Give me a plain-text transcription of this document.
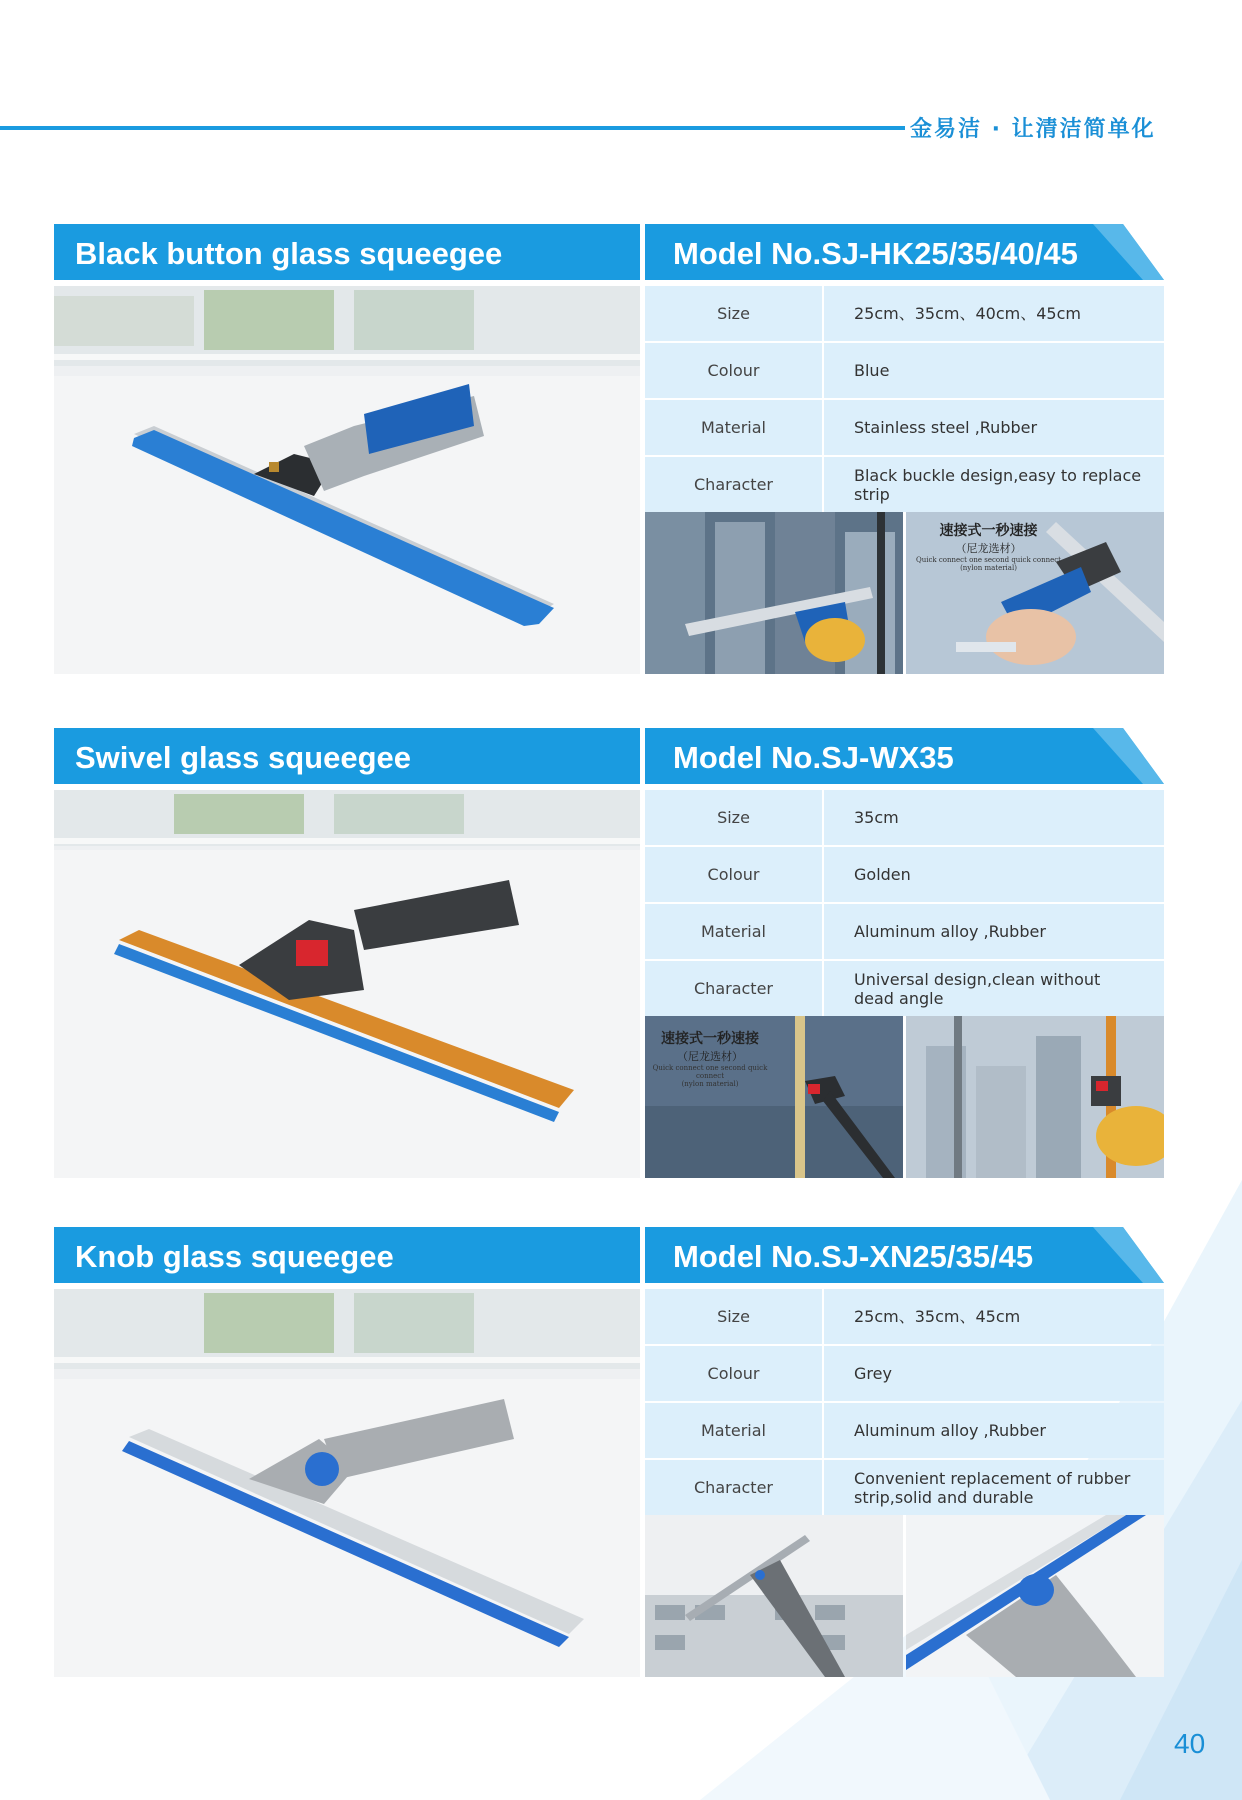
金易洁 · 让清洁简单化
Black button glass squeegee	Model No.SJ-HK25/35/40/45
Size	25cm、35cm、40cm、45cm
Colour	Blue
Material	Stainless steel ,Rubber
Character	Black buckle design,easy to replace strip
速接式一秒速接
（尼龙选材）
Quick connect one second quick connect
(nylon material)
Swivel glass squeegee	Model No.SJ-WX35
Size	35cm
Colour	Golden
Material	Aluminum alloy ,Rubber
Character	Universal design,clean without dead angle
速接式一秒速接
（尼龙选材）
Quick connect one second quick connect
(nylon material)
Knob glass squeegee	Model No.SJ-XN25/35/45
Size	25cm、35cm、45cm
Colour	Grey
Material	Aluminum alloy ,Rubber
Character	Convenient replacement of rubber strip,solid and durable
40
